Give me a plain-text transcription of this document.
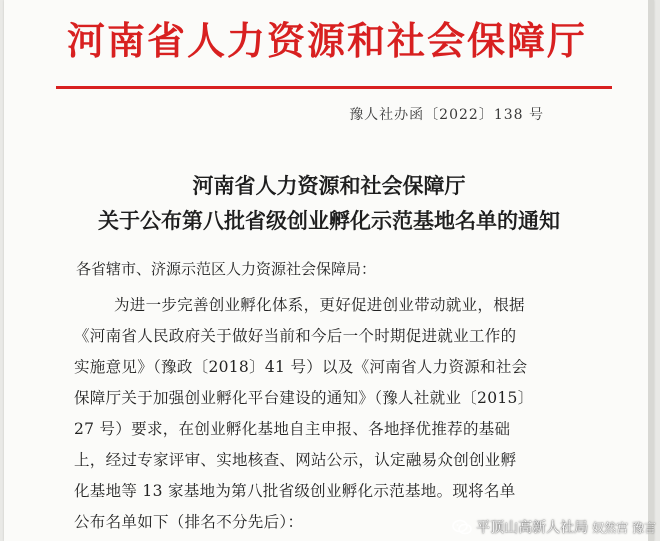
河南省人力资源和社会保障厅
豫人社办函〔2022〕138 号
河南省人力资源和社会保障厅
关于公布第八批省级创业孵化示范基地名单的通知
各省辖市、济源示范区人力资源社会保障局：
为进一步完善创业孵化体系，更好促进创业带动就业，根据
《河南省人民政府关于做好当前和今后一个时期促进就业工作的
实施意见》（豫政〔2018〕41 号）以及《河南省人力资源和社会
保障厅关于加强创业孵化平台建设的通知》（豫人社就业〔2015〕
27 号）要求，在创业孵化基地自主申报、各地择优推荐的基础
上，经过专家评审、实地核查、网站公示，认定融易众创创业孵
化基地等 13 家基地为第八批省级创业孵化示范基地。现将名单
公布名单如下（排名不分先后）：	平顶山高新人社局 奴然宫 豫言
